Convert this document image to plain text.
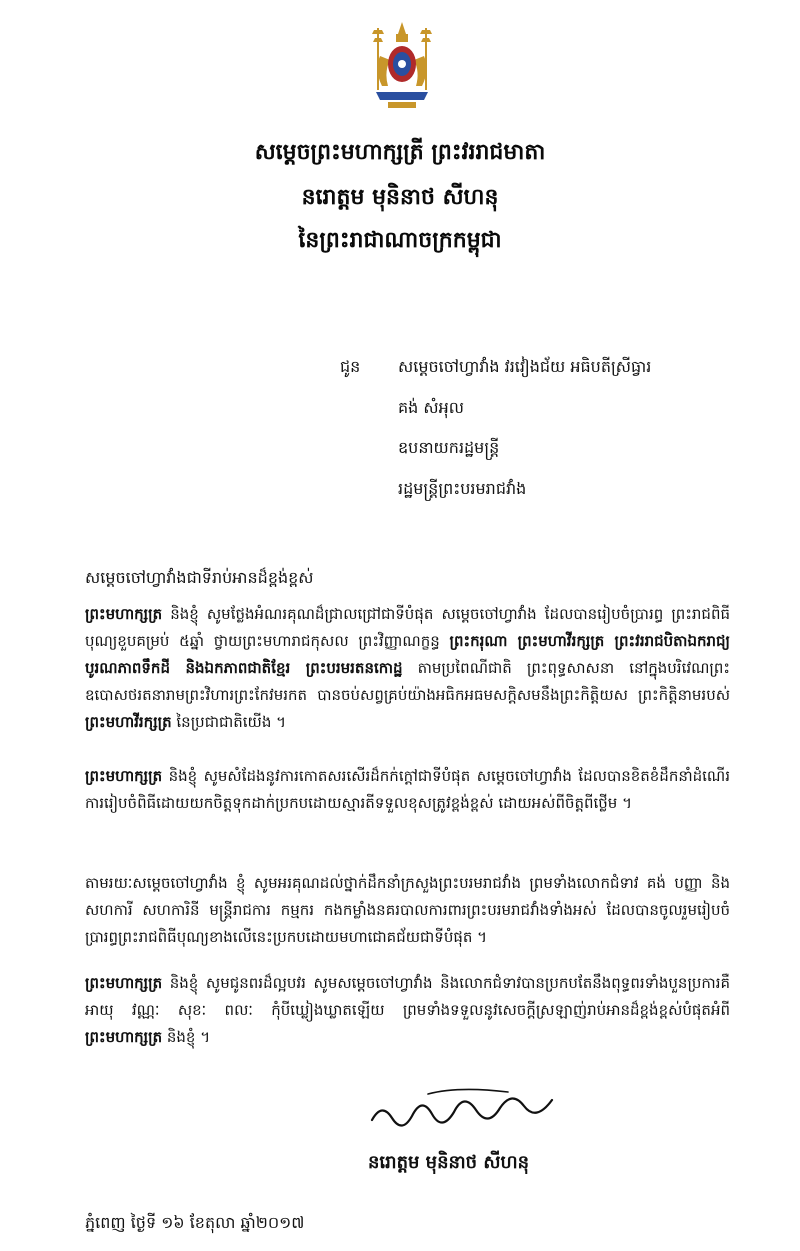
សម្តេចព្រះមហាក្សត្រី ព្រះវររាជមាតា
នរោត្តម មុនិនាថ សីហនុ
នៃព្រះរាជាណាចក្រកម្ពុជា
ជូន សម្តេចចៅហ្វាវាំង វរវៀងជ័យ អធិបតីស្រីធ្វារ
គង់ សំអុល
ឧបនាយករដ្ឋមន្ត្រី
រដ្ឋមន្ត្រីព្រះបរមរាជវាំង
សម្តេចចៅហ្វាវាំងជាទីរាប់អានដ៏ខ្ពង់ខ្ពស់

ព្រះមហាក្សត្រ និងខ្ញុំ សូមថ្លែងអំណរគុណដ៏ជ្រាលជ្រៅជាទីបំផុត សម្តេចចៅហ្វាវាំង ដែលបានរៀបចំប្រារព្ធ ព្រះរាជពិធីបុណ្យខួបគម្រប់ ៥ឆ្នាំ ថ្វាយព្រះមហារាជកុសល ព្រះវិញ្ញាណក្ខន្ធ ព្រះករុណា ព្រះមហាវីរក្សត្រ ព្រះវររាជបិតាឯករាជ្យ បូរណភាពទឹកដី និងឯកភាពជាតិខ្មែរ ព្រះបរមរតនកោដ្ឋ តាមប្រពៃណីជាតិ ព្រះពុទ្ធសាសនា នៅក្នុងបរិវេណព្រះឧបោសថរតនារាមព្រះវិហារព្រះកែវមរកត បានចប់សព្វគ្រប់យ៉ាងអធិកអធមសក្តិសមនឹងព្រះកិត្តិយស ព្រះកិត្តិនាមរបស់ ព្រះមហាវីរក្សត្រ នៃប្រជាជាតិយើង ។

ព្រះមហាក្សត្រ និងខ្ញុំ សូមសំដែងនូវការកោតសរសើរដ៏កក់ក្តៅជាទីបំផុត សម្តេចចៅហ្វាវាំង ដែលបានខិតខំដឹកនាំដំណើរការរៀបចំពិធីដោយយកចិត្តទុកដាក់ប្រកបដោយស្មារតីទទួលខុសត្រូវខ្ពង់ខ្ពស់ ដោយអស់ពីចិត្តពីថ្លើម ។

តាមរយៈសម្តេចចៅហ្វាវាំង ខ្ញុំ សូមអរគុណដល់ថ្នាក់ដឹកនាំក្រសួងព្រះបរមរាជវាំង ព្រមទាំងលោកជំទាវ គង់ បញ្ញា និងសហការី សហការិនី មន្ត្រីរាជការ កម្មករ កងកម្លាំងនគរបាលការពារព្រះបរមរាជវាំងទាំងអស់ ដែលបានចូលរួមរៀបចំប្រារព្ធព្រះរាជពិធីបុណ្យខាងលើនេះប្រកបដោយមហាជោគជ័យជាទីបំផុត ។

ព្រះមហាក្សត្រ និងខ្ញុំ សូមជូនពរដ៏ល្អបវរ សូមសម្តេចចៅហ្វាវាំង និងលោកជំទាវបានប្រកបតែនឹងពុទ្ធពរទាំងបួនប្រការគឺអាយុ វណ្ណៈ សុខៈ ពលៈ កុំបីឃ្លៀងឃ្លាតឡើយ ព្រមទាំងទទួលនូវសេចក្តីស្រឡាញ់រាប់អានដ៏ខ្ពង់ខ្ពស់បំផុតអំពី ព្រះមហាក្សត្រ និងខ្ញុំ ។

នរោត្តម មុនិនាថ សីហនុ
ភ្នំពេញ ថ្ងៃទី ១៦ ខែតុលា ឆ្នាំ២០១៧
